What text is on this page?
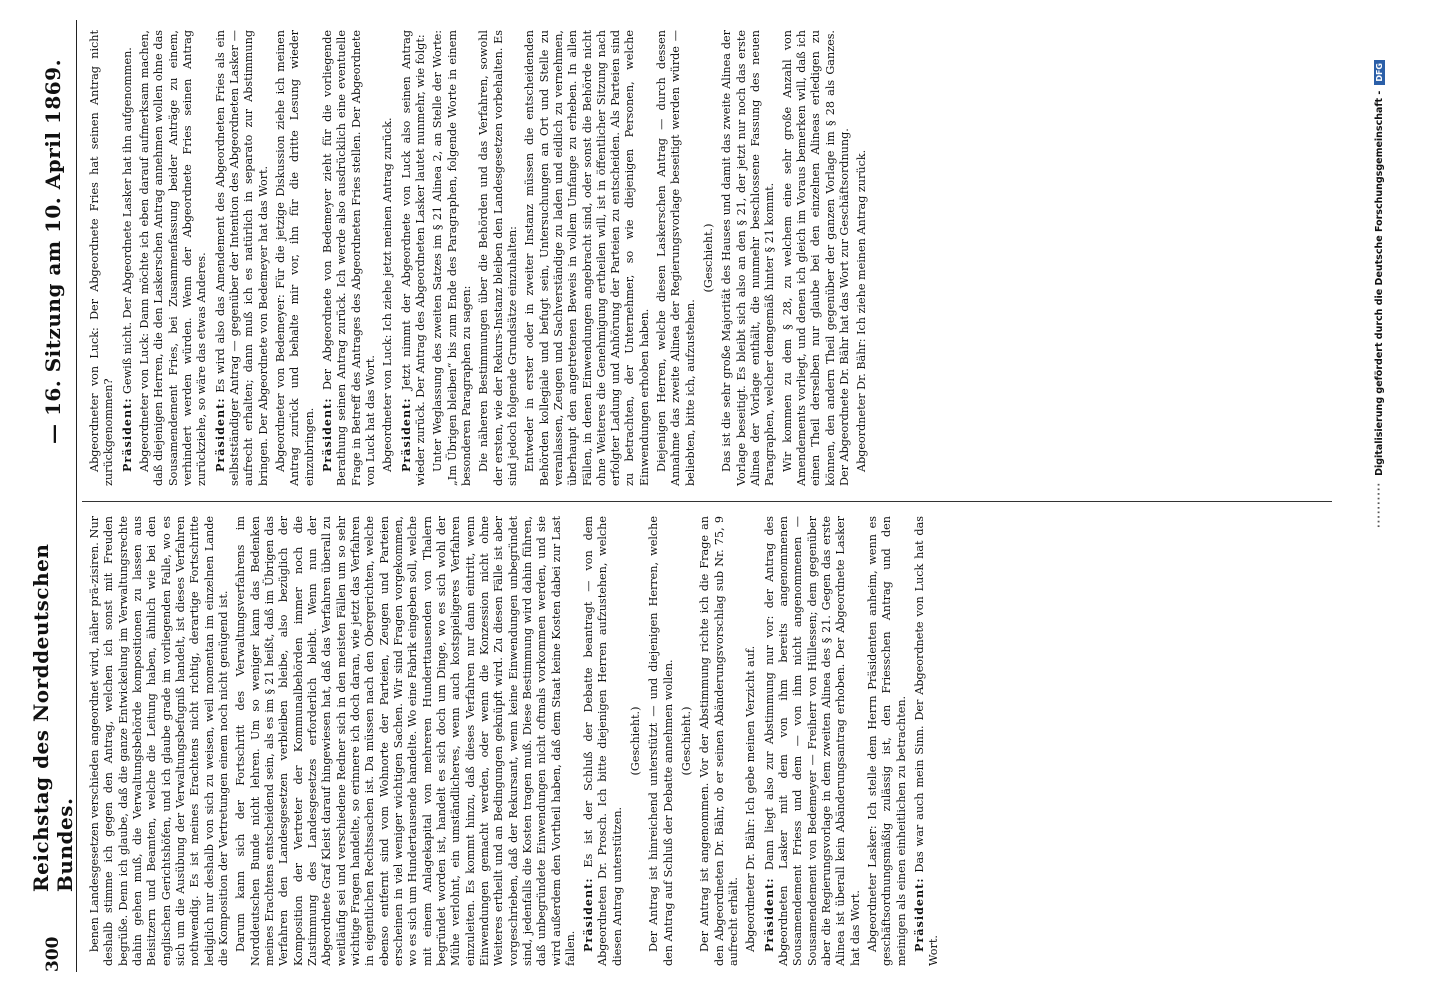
300
Reichstag des Norddeutschen Bundes.
— 16. Sitzung am 10. April 1869.

benen Landesgesetzen verschieden angeordnet wird, näher prä-zisiren. Nur deshalb stimme ich gegen den Antrag, welchen ich sonst mit Freuden begrüße. Denn ich glaube, daß die ganze Entwickelung im Verwaltungsrechte dahin gehen muß, die Verwaltungsbehörde kompositionen zu lassen aus Beisitzern und Beamten, welche die Leitung haben, ähnlich wie bei den englischen Gerichtshöfen, und ich glaube grade im vorliegenden Falle, wo es sich um die Ausübung der Verwaltungsbefugniß handelt, ist dieses Verfahren nothwendig. Es ist meines Erachtens nicht richtig, derartige Fortschritte lediglich nur deshalb von sich zu weisen, weil momentan im einzelnen Lande die Komposition der Vertretungen einem noch nicht genügend ist. Darum kann sich der Fortschritt des Verwaltungsverfahrens im Norddeutschen Bunde nicht lehren. Um so weniger kann das Bedenken meines Erachtens entscheidend sein, als es im § 21 heißt, daß im Übrigen das Verfahren den Landesgesetzen verbleiben bleibe, also bezüglich der Komposition der Vertreter der Kommunalbehörden immer noch die Zustimmung des Landesgesetzes erforderlich bleibt. Wenn nun der Abgeordnete Graf Kleist darauf hingewiesen hat, daß das Verfahren überall zu weitläufig sei und verschiedene Redner sich in den meisten Fällen um so sehr wichtige Fragen handelte, so erinnere ich doch daran, wie jetzt das Verfahren in eigentlichen Rechtssachen ist. Da müssen nach den Obergerichten, welche ebenso entfernt sind vom Wohnorte der Parteien, Zeugen und Parteien erscheinen in viel weniger wichtigen Sachen. Wir sind Fragen vorgekommen, wo es sich um Hundertausende handelte. Wo eine Fabrik eingeben soll, welche mit einem Anlagekapital von mehreren Hunderttausenden von Thalern begründet worden ist, handelt es sich doch um Dinge, wo es sich wohl der Mühe verlohnt, ein umständlicheres, wenn auch kostspieligeres Verfahren einzuleiten. Es kommt hinzu, daß dieses Verfahren nur dann eintritt, wenn Einwendungen gemacht werden, oder wenn die Konzession nicht ohne Weiteres ertheilt und an Bedingungen geknüpft wird. Zu diesen Fälle ist aber vorgeschrieben, daß der Rekursant, wenn keine Einwendungen unbegründet sind, jedenfalls die Kosten tragen muß. Diese Bestimmung wird dahin führen, daß unbegründete Einwendungen nicht oftmals vorkommen werden, und sie wird außerdem den Vortheil haben, daß dem Staat keine Kosten dabei zur Last fallen. Präsident: Es ist der Schluß der Debatte beantragt — von dem Abgeordneten Dr. Prosch. Ich bitte diejenigen Herren aufzustehen, welche diesen Antrag unterstützen.

(Geschieht.) Der Antrag ist hinreichend unterstützt — und diejenigen Herren, welche den Antrag auf Schluß der Debatte annehmen wollen. (Geschieht.) Der Antrag ist angenommen. Vor der Abstimmung richte ich die Frage an den Abgeordneten Dr. Bähr, ob er seinen Abänderungsvorschlag sub Nr. 75, 9 aufrecht erhält. Abgeordneter Dr. Bähr: Ich gebe meinen Verzicht auf. Präsident: Dann liegt also zur Abstimmung nur vor: der Antrag des Abgeordneten Lasker mit dem von ihm bereits angenommenen Sousamendement Friess und dem — von ihm nicht angenommenen — Sousamendement von Bedemeyer — Freiherr von Hüllessen; dem gegenüber aber die Regierungsvorlage in dem zweiten Alinea des § 21. Gegen das erste Alinea ist überall kein Abänderungsantrag erhoben. Der Abgeordnete Lasker hat das Wort. Abgeordneter Lasker: Ich stelle dem Herrn Präsidenten anheim, wenn es geschäftsordnungsmäßig zulässig ist, den Friesschen Antrag und den meinigen als einen einheitlichen zu betrachten. Präsident: Das war auch mein Sinn. Der Abgeordnete von Luck hat das Wort.

Abgeordneter von Luck: Der Abgeordnete Fries hat seinen Antrag nicht zurückgenommen? Präsident: Gewiß nicht. Der Abgeordnete Lasker hat ihn aufgenommen. Abgeordneter von Luck: Dann möchte ich eben darauf aufmerksam machen, daß diejenigen Herren, die den Laskerschen Antrag annehmen wollen ohne das Sousamendement Fries, bei Zusammenfassung beider Anträge zu einem, verhindert werden würden. Wenn der Abgeordnete Fries seinen Antrag zurückziehe, so wäre das etwas Anderes. Präsident: Es wird also das Amendement des Abgeordneten Fries als ein selbstständiger Antrag — gegenüber der Intention des Abgeordneten Lasker — aufrecht erhalten; dann muß ich es natürlich in separato zur Abstimmung bringen. Der Abgeordnete von Bedemeyer hat das Wort. Abgeordneter von Bedemeyer: Für die jetzige Diskussion ziehe ich meinen Antrag zurück und behalte mir vor, ihn für die dritte Lesung wieder einzubringen. Präsident: Der Abgeordnete von Bedemeyer zieht für die vorliegende Berathung seinen Antrag zurück. Ich werde also ausdrücklich eine eventuelle Frage in Betreff des Antrages des Abgeordneten Fries stellen. Der Abgeordnete von Luck hat das Wort. Abgeordneter von Luck: Ich ziehe jetzt meinen Antrag zurück. Präsident: Jetzt nimmt der Abgeordnete von Luck also seinen Antrag wieder zurück. Der Antrag des Abgeordneten Lasker lautet nunmehr, wie folgt: Unter Weglassung des zweiten Satzes im § 21 Alinea 2, an Stelle der Worte: „Im Übrigen bleiben“ bis zum Ende des Paragraphen, folgende Worte in einem besonderen Paragraphen zu sagen: Die näheren Bestimmungen über die Behörden und das Verfahren, sowohl der ersten, wie der Rekurs-Instanz bleiben den Landesgesetzen vorbehalten. Es sind jedoch folgende Grundsätze einzuhalten: Entweder in erster oder in zweiter Instanz müssen die entscheidenden Behörden kollegiale und befugt sein, Untersuchungen an Ort und Stelle zu veranlassen, Zeugen und Sachverständige zu laden und eidlich zu vernehmen, überhaupt den angetretenen Beweis in vollem Umfange zu erheben. In allen Fällen, in denen Einwendungen angebracht sind, oder sonst die Behörde nicht ohne Weiteres die Genehmigung ertheilen will, ist in öffentlicher Sitzung nach erfolgter Ladung und Anhörung der Parteien zu entscheiden. Als Parteien sind zu betrachten, der Unternehmer, so wie diejenigen Personen, welche Einwendungen erhoben haben. Diejenigen Herren, welche diesen Laskerschen Antrag — durch dessen Annahme das zweite Alinea der Regierungsvorlage beseitigt werden würde — beliebten, bitte ich, aufzustehen.

(Geschieht.) Das ist die sehr große Majorität des Hauses und damit das zweite Alinea der Vorlage beseitigt. Es bleibt sich also an den § 21, der jetzt nur noch das erste Alinea der Vorlage enthält, die nunmehr beschlossene Fassung des neuen Paragraphen, welcher demgemäß hinter § 21 kommt. Wir kommen zu dem § 28, zu welchem eine sehr große Anzahl von Amendements vorliegt, und denen ich gleich im Voraus bemerken will, daß ich einen Theil derselben nur glaube bei den einzelnen Alineas erledigen zu können, den andern Theil gegenüber der ganzen Vorlage im § 28 als Ganzes. Der Abgeordnete Dr. Bähr hat das Wort zur Geschäftsordnung. Abgeordneter Dr. Bähr: Ich ziehe meinen Antrag zurück.

··········
Digitalisierung gefördert durch die Deutsche Forschungsgemeinschaft -
DFG
